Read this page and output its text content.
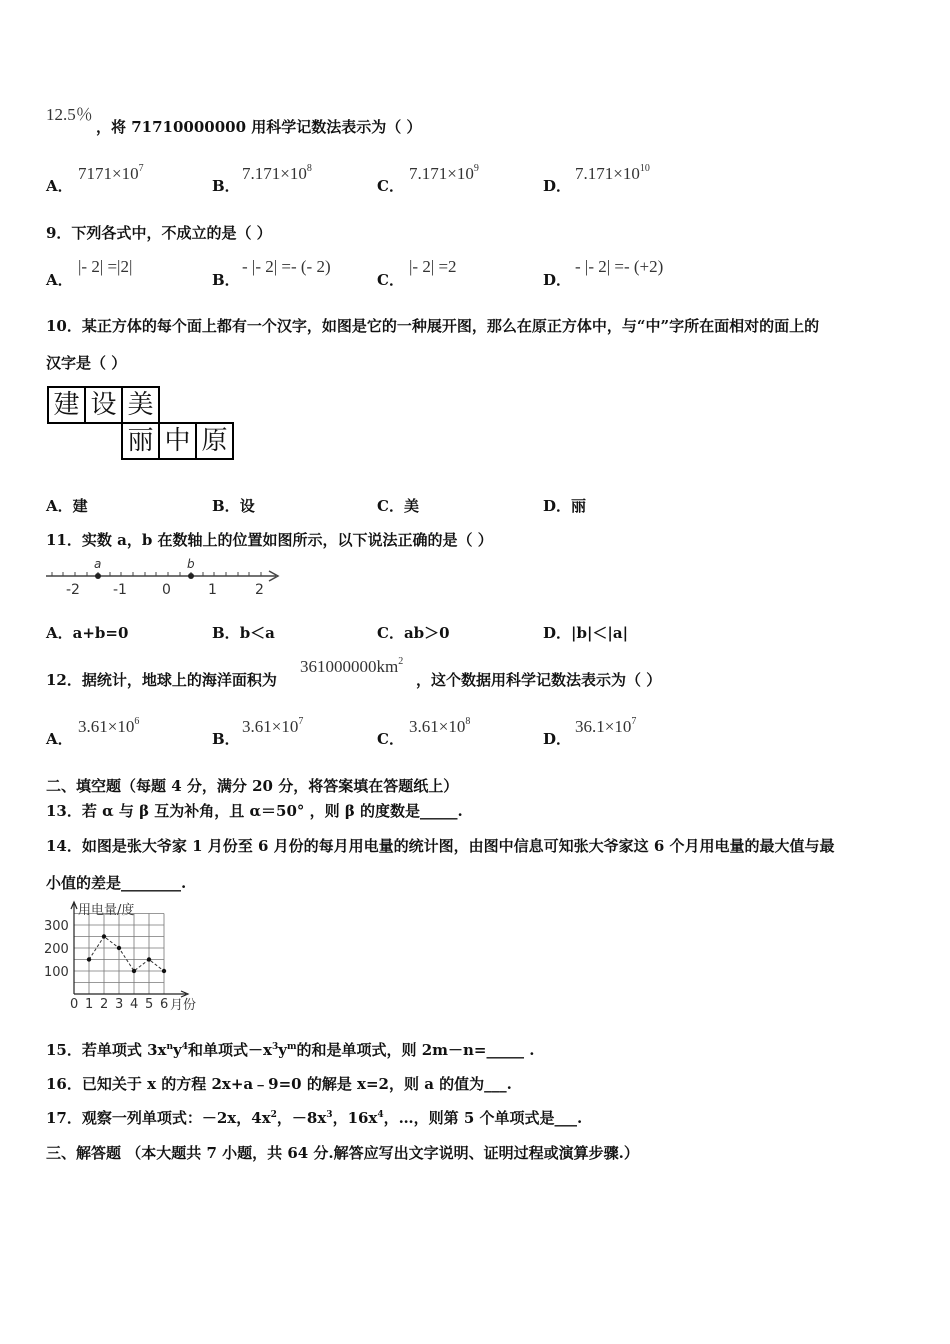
12.5％
，将 71710000000 用科学记数法表示为（ ）
A．
$7171\times 10^7$
B．
$7.171\times 10^8$
C．
$7.171\times 10^9$
D．
$7.171\times 10^{10}$
9．下列各式中，不成立的是（ ）
A．
|- 2| =|2|
B．
- |- 2| =- (- 2)
C．
|- 2| =2
D．
- |- 2| =- (+2)
10．某正方体的每个面上都有一个汉字，如图是它的一种展开图，那么在原正方体中，与“中”字所在面相对的面上的
汉字是（ ）
建 设 美
丽 中 原
A．建	B．设	C．美	D．丽
11．实数 a，b 在数轴上的位置如图所示，以下说法正确的是（ ）
a	b
-2 -1	0	1	2
A．a+b=0	B．b＜a	C．ab＞0	D．|b|＜|a|
12．据统计，地球上的海洋面积为
$361000000km^2$
，这个数据用科学记数法表示为（ ）
A．
$3.61\times 10^6$
B．
$3.61\times 10^7$
C．
$3.61\times 10^8$
D．
$36.1\times 10^7$
二、填空题（每题 4 分，满分 20 分，将答案填在答题纸上）
13．若 α 与 β 互为补角，且 α＝50° ，则 β 的度数是_____.
14．如图是张大爷家 1 月份至 6 月份的每月用电量的统计图，由图中信息可知张大爷家这 6 个月用电量的最大值与最
小值的差是________.
300
200
100
0 1 2 3 4 5 6
用电量/度
月份
15．若单项式 $3x^ny^4$和单项式$-x^3y^m$的和是单项式，则 2m－n=_____ .
16．已知关于 x 的方程 2x+a﹣9=0 的解是 x=2，则 a 的值为___.
17．观察一列单项式：－2x，$4x^2$，$-8x^3$，$16x^4$，…，则第 5 个单项式是___.
三、解答题 （本大题共 7 小题，共 64 分.解答应写出文字说明、证明过程或演算步骤.）
